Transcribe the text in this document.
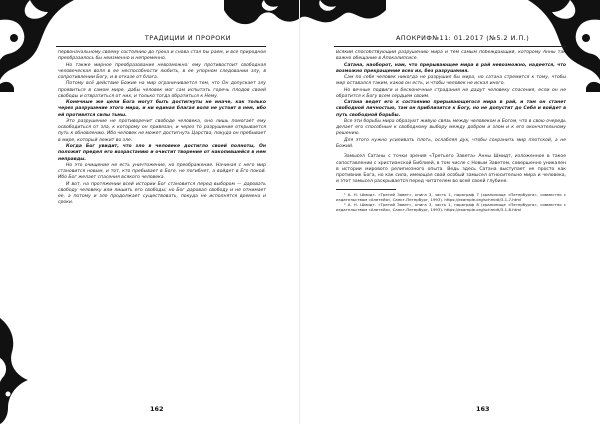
ТРАДИЦИИ И ПРОРОКИ

первоначальному своему состоянию до греха и снова стал бы раем, и все природное преобразилось бы неизменно и непременно.

Но также мирное преобразование невозможно: ему противостоит свободная человеческая воля в ее неспособности любить, в ее упорном следовании злу, в сопротивлении Богу, и в отказе от блага.

Потому всё действие Божие на мир ограничивается тем, что Он допускает злу проявиться в самом мире, дабы человек мог сам испытать горечь плодов своей свободы и отвратиться от них, и только тогда обратиться к Нему.

Конечные же цели Бога могут быть достигнуты не иначе, как только через разрушение этого мира, и ни единая благая воля не устоит в нем, ибо ей противятся силы тьмы.

Это разрушение не противоречит свободе человека, оно лишь помогает ему освободиться от зла, к которому он привязан, и через то разрушение открывается путь к обновлению. Ибо человек не может достигнуть Царства, покуда он пребывает в мире, который лежит во зле.

Когда Бог увидит, что зло в человеке достигло своей полноты, Он положит предел его возрастанию и очистит творение от накопившейся в нем неправды.

Но это очищение не есть уничтожение, но преображение. Начиная с него мир становится новым, и тот, кто пребывает в Боге, не погибнет, а войдет в Его покой. Ибо Бог желает спасения всякого человека.

И вот, на протяжении всей истории Бог становится перед выбором — даровать свободу человеку или лишить его свободы; но Бог даровал свободу и не отнимает ее, а потому и зло продолжает существовать, покуда не исполнятся времена и сроки.

162
АПОКРИФ№11: 01.2017 (№5.2 И.П.)

Всякий способствующий разрушению мира и тем самым побеждающий, которому Анны так важно обещание в Апокалипсисе.

Сатана, наоборот, нам, что прерывающее мира в рай невозможно, надеется, что возможно прекращение всех их, без разрушения.

Сам по себе человек никогда не разрушил бы мира, но сатана стремится к тому, чтобы мир оставался таким, каков он есть, и чтобы человек не искал иного.

Но вечные подвиги и бесконечные страдания не дадут человеку спасения, если он не обратится к Богу всем сердцем своим.

Сатана ведет его к состоянию прерывающегося мира в рай, и там он станет свободной личностью, там он приблизится к Богу, но не допустит до Себя и войдет в путь свободной борьбы.

Все эти борьбы мира образуют живую связь между человеком и Богом, что в свою очередь делает его способным к свободному выбору между добром и злом и к его окончательному решению.

Для этого нужно усиливать плоть, ослабляя дух, чтобы сохранить мир плотской, а не Божий.

Замысел Сатаны с точки зрения «Третьего Завета» Анны Шмидт, изложенное в такое сопоставлении с христианской Библией, в том числе с Новым Заветом, совершенно уникален в истории мирового религиозного опыта. Ведь здесь Сатана выступает не просто как противник Бога, но как сила, имеющая свой особый замысел относительно мира и человека, и этот замысел раскрывается перед читателем во всей своей глубине.

¹ А. Н. Шмидт. «Третий Завет», книга 3, часть 1, параграф 7 (хранилище «Петербурга», совместно с издательством «Алетейя», Санкт-Петербург, 1993). https://example.org/schmidt/3-1-7.html

² А. Н. Шмидт. «Третий Завет», книга 3, часть 1, параграф 8 (хранилище «Петербурга», совместно с издательством «Алетейя», Санкт-Петербург, 1993). https://example.org/schmidt/3-1-8.html

163
